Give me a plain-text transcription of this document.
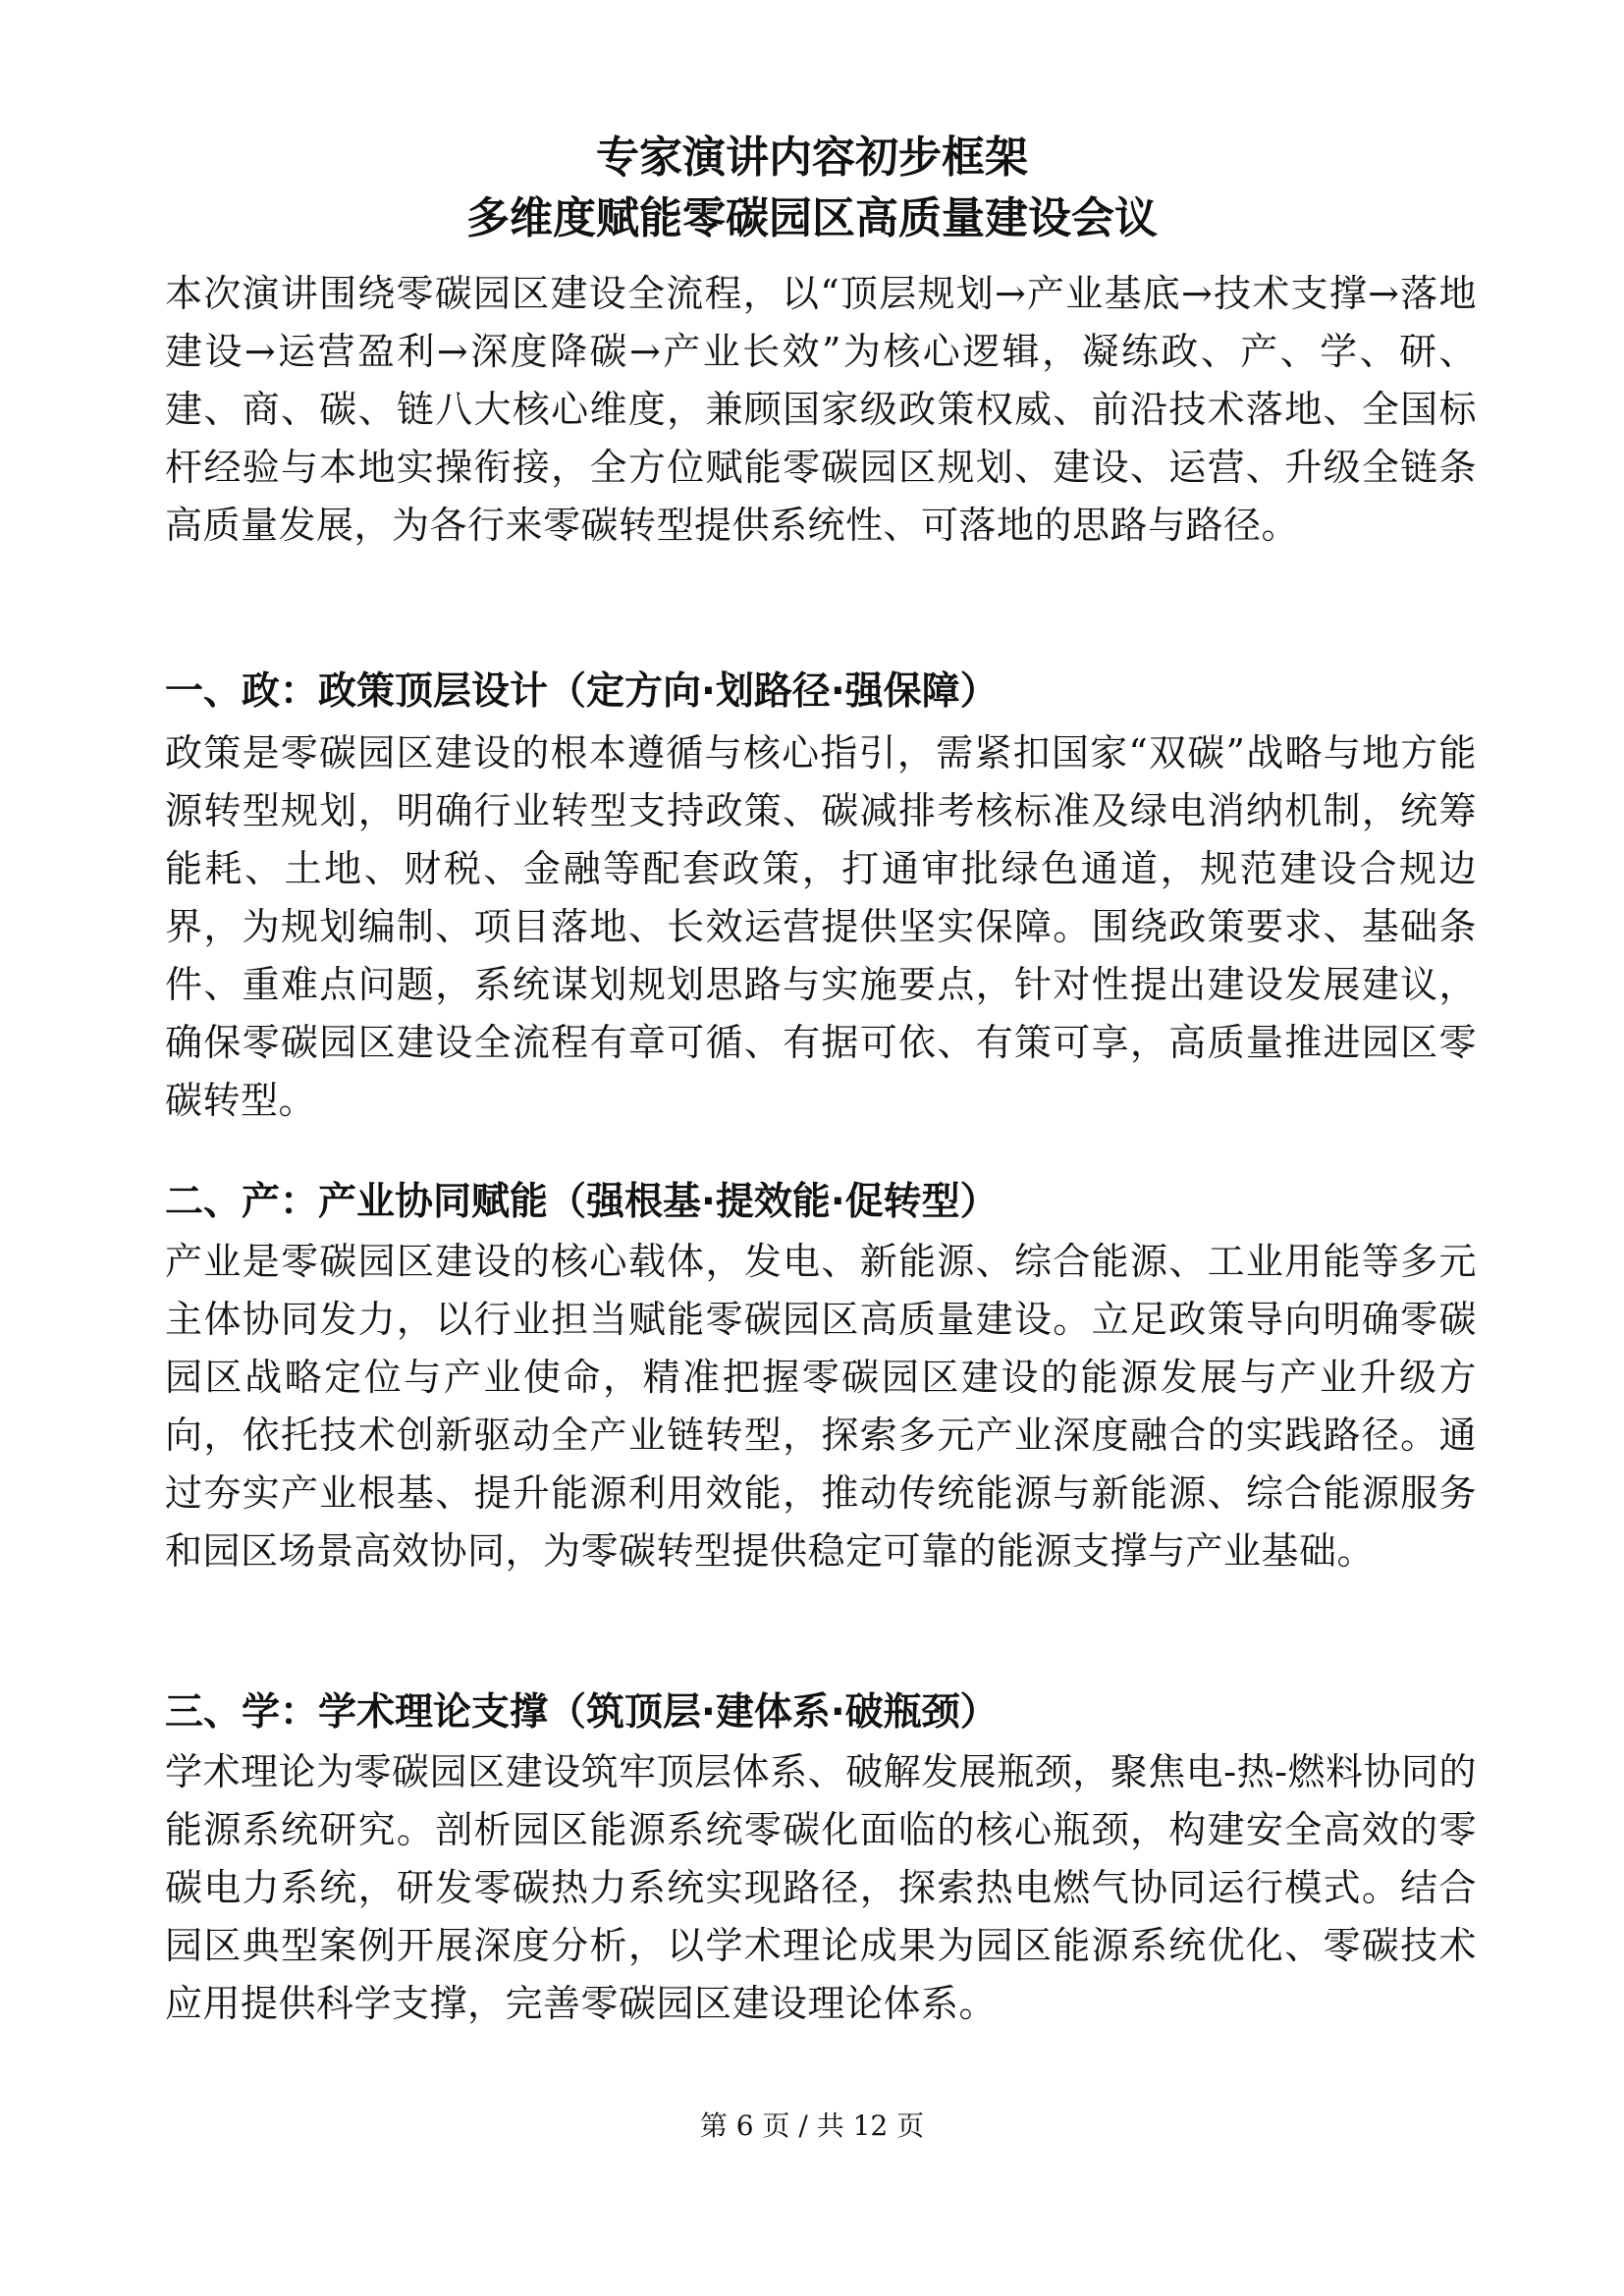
专家演讲内容初步框架
多维度赋能零碳园区高质量建设会议

本次演讲围绕零碳园区建设全流程，以“顶层规划→产业基底→技术支撑→落地建设→运营盈利→深度降碳→产业长效”为核心逻辑，凝练政、产、学、研、建、商、碳、链八大核心维度，兼顾国家级政策权威、前沿技术落地、全国标杆经验与本地实操衔接，全方位赋能零碳园区规划、建设、运营、升级全链条高质量发展，为各行来零碳转型提供系统性、可落地的思路与路径。

一、政：政策顶层设计（定方向·划路径·强保障）

政策是零碳园区建设的根本遵循与核心指引，需紧扣国家“双碳”战略与地方能源转型规划，明确行业转型支持政策、碳减排考核标准及绿电消纳机制，统筹能耗、土地、财税、金融等配套政策，打通审批绿色通道，规范建设合规边界，为规划编制、项目落地、长效运营提供坚实保障。围绕政策要求、基础条件、重难点问题，系统谋划规划思路与实施要点，针对性提出建设发展建议，确保零碳园区建设全流程有章可循、有据可依、有策可享，高质量推进园区零碳转型。

二、产：产业协同赋能（强根基·提效能·促转型）

产业是零碳园区建设的核心载体，发电、新能源、综合能源、工业用能等多元主体协同发力，以行业担当赋能零碳园区高质量建设。立足政策导向明确零碳园区战略定位与产业使命，精准把握零碳园区建设的能源发展与产业升级方向，依托技术创新驱动全产业链转型，探索多元产业深度融合的实践路径。通过夯实产业根基、提升能源利用效能，推动传统能源与新能源、综合能源服务和园区场景高效协同，为零碳转型提供稳定可靠的能源支撑与产业基础。

三、学：学术理论支撑（筑顶层·建体系·破瓶颈）

学术理论为零碳园区建设筑牢顶层体系、破解发展瓶颈，聚焦电-热-燃料协同的能源系统研究。剖析园区能源系统零碳化面临的核心瓶颈，构建安全高效的零碳电力系统，研发零碳热力系统实现路径，探索热电燃气协同运行模式。结合园区典型案例开展深度分析，以学术理论成果为园区能源系统优化、零碳技术应用提供科学支撑，完善零碳园区建设理论体系。

第 6 页 / 共 12 页
